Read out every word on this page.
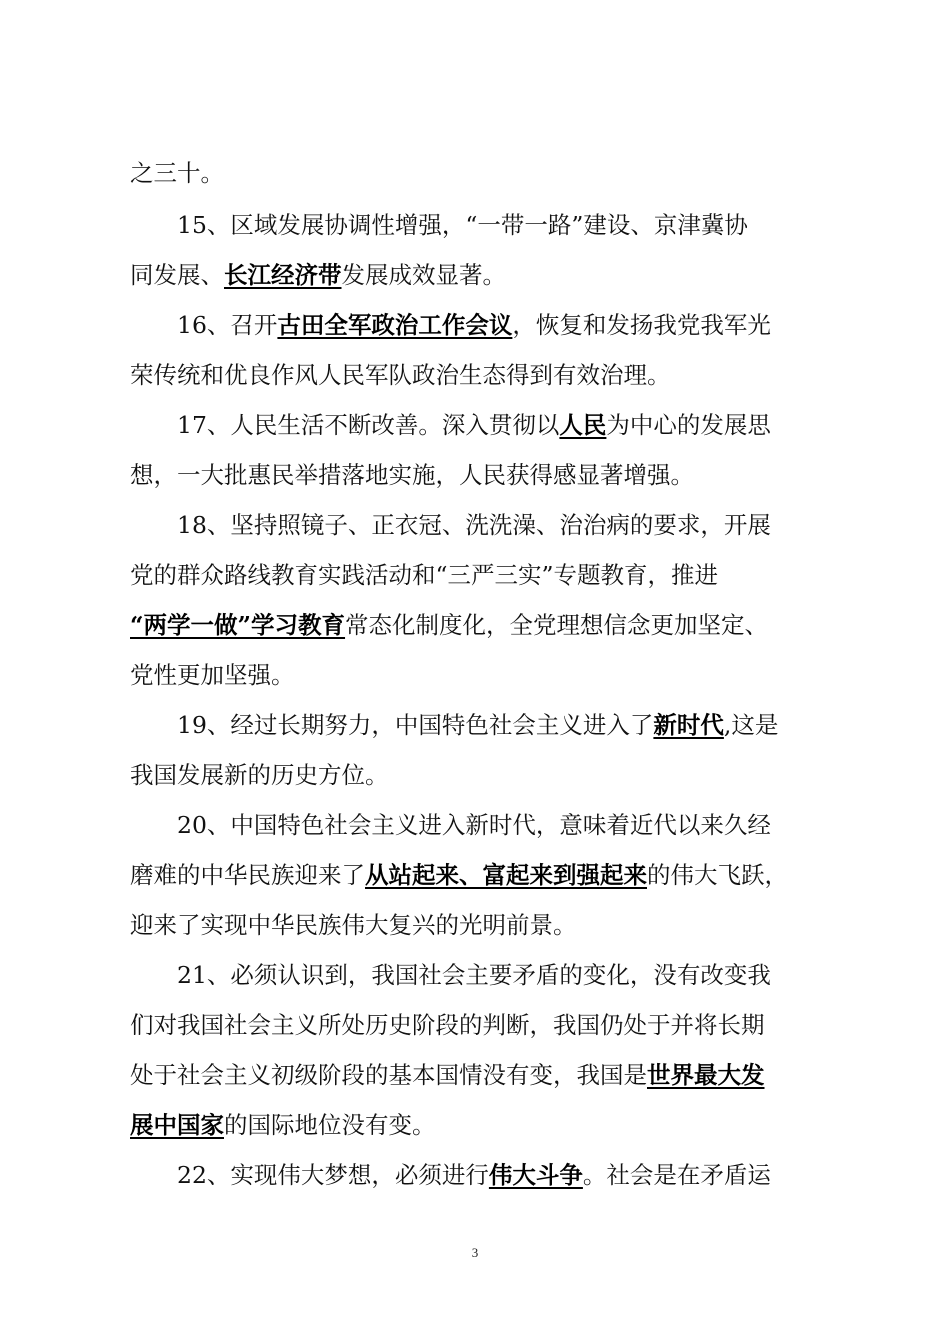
之三十。
15、区域发展协调性增强，“一带一路”建设、京津冀协
同发展、长江经济带发展成效显著。
16、召开古田全军政治工作会议，恢复和发扬我党我军光
荣传统和优良作风人民军队政治生态得到有效治理。
17、人民生活不断改善。深入贯彻以人民为中心的发展思
想，一大批惠民举措落地实施，人民获得感显著增强。
18、坚持照镜子、正衣冠、洗洗澡、治治病的要求，开展
党的群众路线教育实践活动和“三严三实”专题教育，推进
“两学一做”学习教育常态化制度化，全党理想信念更加坚定、
党性更加坚强。
19、经过长期努力，中国特色社会主义进入了新时代,这是
我国发展新的历史方位。
20、中国特色社会主义进入新时代，意味着近代以来久经
磨难的中华民族迎来了从站起来、富起来到强起来的伟大飞跃，
迎来了实现中华民族伟大复兴的光明前景。
21、必须认识到，我国社会主要矛盾的变化，没有改变我
们对我国社会主义所处历史阶段的判断，我国仍处于并将长期
处于社会主义初级阶段的基本国情没有变，我国是世界最大发
展中国家的国际地位没有变。
22、实现伟大梦想，必须进行伟大斗争。社会是在矛盾运
3
